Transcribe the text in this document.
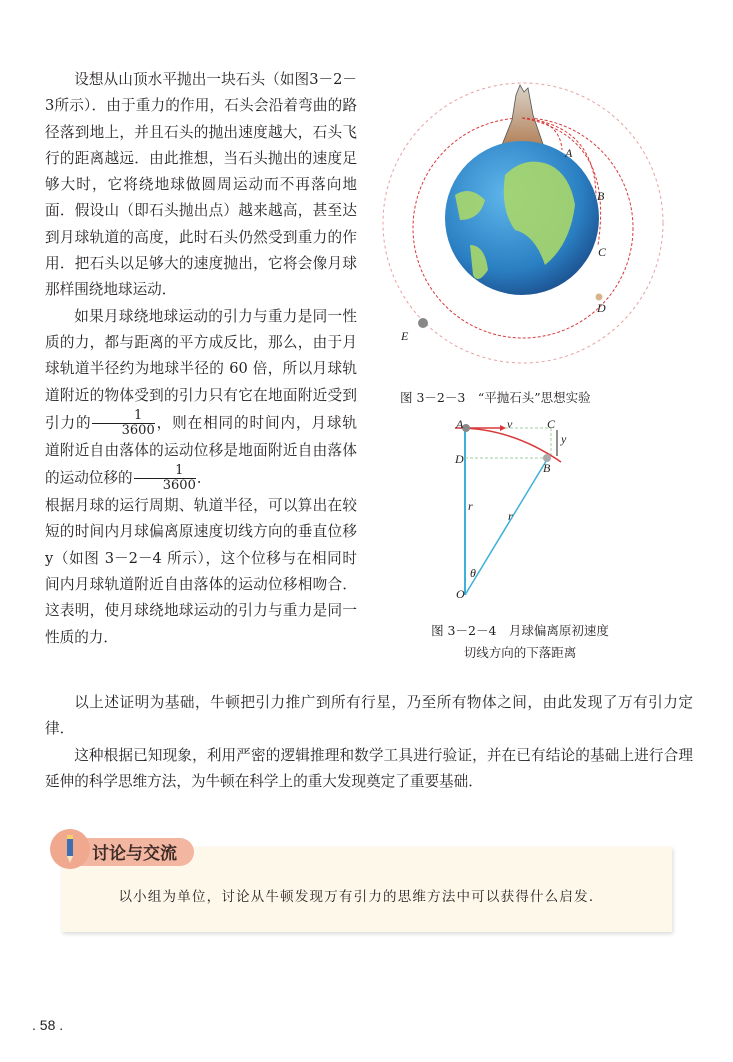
设想从山顶水平抛出一块石头（如图3－2－3所示）．由于重力的作用，石头会沿着弯曲的路径落到地上，并且石头的抛出速度越大，石头飞行的距离越远．由此推想，当石头抛出的速度足够大时，它将绕地球做圆周运动而不再落向地面．假设山（即石头抛出点）越来越高，甚至达到月球轨道的高度，此时石头仍然受到重力的作用．把石头以足够大的速度抛出，它将会像月球那样围绕地球运动．

如果月球绕地球运动的引力与重力是同一性质的力，都与距离的平方成反比，那么，由于月球轨道半径约为地球半径的 60 倍，所以月球轨道附近的物体受到的引力只有它在地面附近受到引力的 $\frac{1}{3600}$ ，则在相同的时间内，月球轨道附近自由落体的运动位移是地面附近自由落体的运动位移的 $\frac{1}{3600}$ ．

根据月球的运行周期、轨道半径，可以算出在较短的时间内月球偏离原速度切线方向的垂直位移 y（如图 3－2－4 所示），这个位移与在相同时间内月球轨道附近自由落体的运动位移相吻合．这表明，使月球绕地球运动的引力与重力是同一性质的力．

A
B
C
D
E
图 3－2－3　“平抛石头”思想实验
A	C
D
B
O
v
y
r
r
θ
图 3－2－4　月球偏离原初速度
切线方向的下落距离

以上述证明为基础，牛顿把引力推广到所有行星，乃至所有物体之间，由此发现了万有引力定律．

这种根据已知现象，利用严密的逻辑推理和数学工具进行验证，并在已有结论的基础上进行合理延伸的科学思维方法，为牛顿在科学上的重大发现奠定了重要基础．

讨论与交流
以小组为单位，讨论从牛顿发现万有引力的思维方法中可以获得什么启发．
. 58 .
